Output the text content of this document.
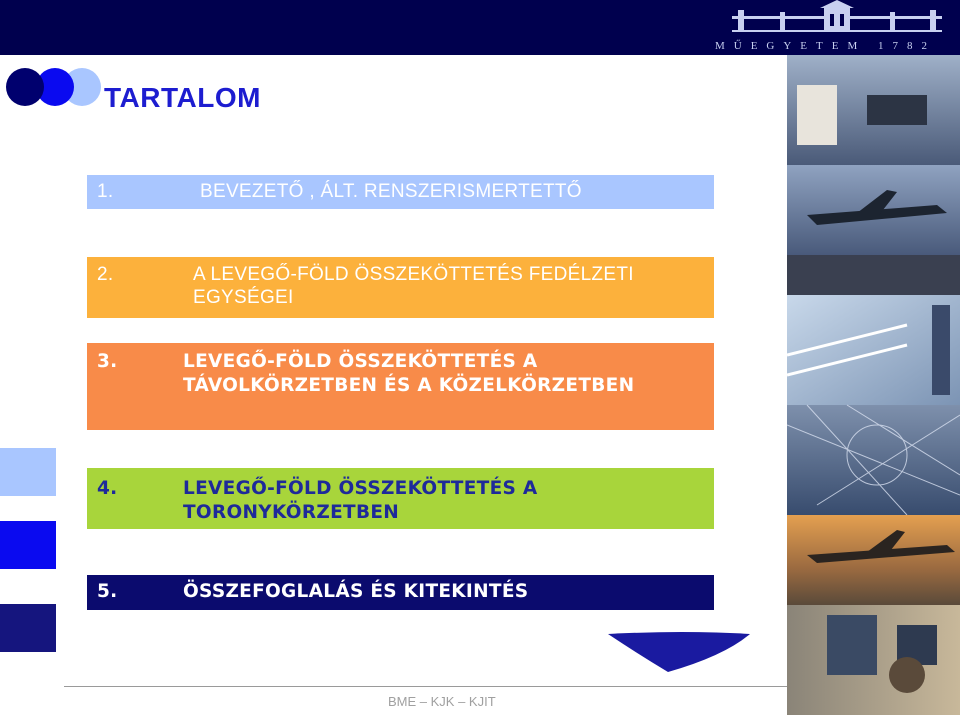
MŰEGYETEM 1782
TARTALOM
1.	BEVEZETŐ , ÁLT. RENSZERISMERTETTŐ
2.	A LEVEGŐ-FÖLD ÖSSZEKÖTTETÉS FEDÉLZETI EGYSÉGEI
3.	LEVEGŐ-FÖLD ÖSSZEKÖTTETÉS A TÁVOLKÖRZETBEN ÉS A KÖZELKÖRZETBEN
4.	LEVEGŐ-FÖLD ÖSSZEKÖTTETÉS A TORONYKÖRZETBEN
5.	ÖSSZEFOGLALÁS ÉS KITEKINTÉS
BME – KJK – KJIT
